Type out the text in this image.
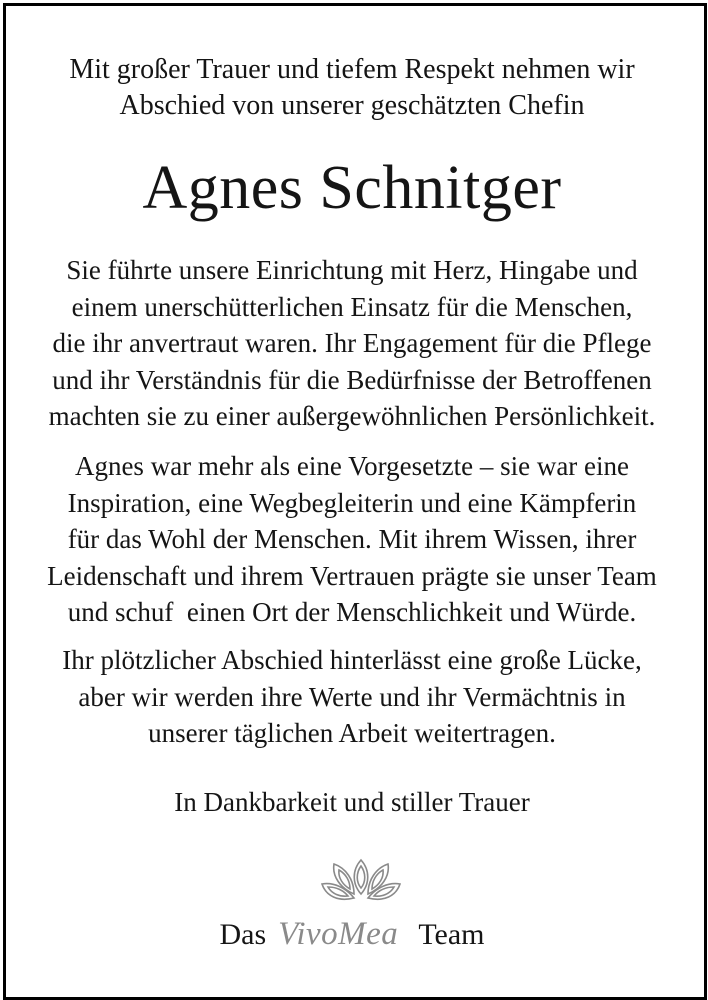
Mit großer Trauer und tiefem Respekt nehmen wir
Abschied von unserer geschätzten Chefin
Agnes Schnitger
Sie führte unsere Einrichtung mit Herz, Hingabe und
einem unerschütterlichen Einsatz für die Menschen,
die ihr anvertraut waren. Ihr Engagement für die Pflege
und ihr Verständnis für die Bedürfnisse der Betroffenen
machten sie zu einer außergewöhnlichen Persönlichkeit.
Agnes war mehr als eine Vorgesetzte – sie war eine
Inspiration, eine Wegbegleiterin und eine Kämpferin
für das Wohl der Menschen. Mit ihrem Wissen, ihrer
Leidenschaft und ihrem Vertrauen prägte sie unser Team
und schuf  einen Ort der Menschlichkeit und Würde.
Ihr plötzlicher Abschied hinterlässt eine große Lücke,
aber wir werden ihre Werte und ihr Vermächtnis in
unserer täglichen Arbeit weitertragen.
In Dankbarkeit und stiller Trauer
Das VivoMea Team
